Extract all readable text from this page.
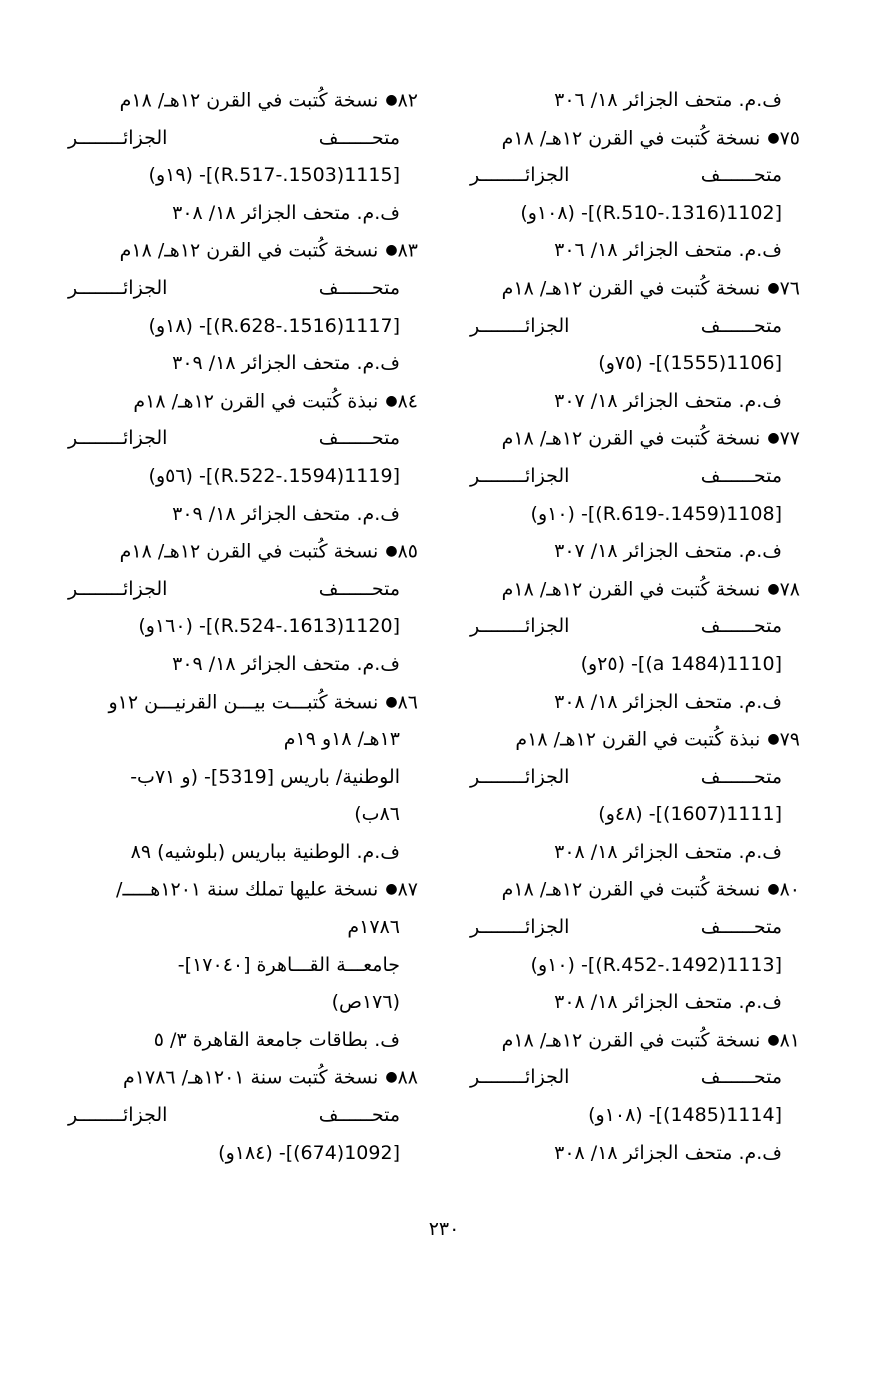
ف.م. متحف الجزائر ١٨/ ٣٠٦
٧٥● نسخة كُتبت في القرن ١٢هـ/ ١٨م
متحــــــف
الجزائــــــــر
[1102(1316.-R.510)]- (١٠٨و)
ف.م. متحف الجزائر ١٨/ ٣٠٦
٧٦● نسخة كُتبت في القرن ١٢هـ/ ١٨م
متحــــــف
الجزائــــــــر
[1106(1555)]- (٧٥و)
ف.م. متحف الجزائر ١٨/ ٣٠٧
٧٧● نسخة كُتبت في القرن ١٢هـ/ ١٨م
متحــــــف
الجزائــــــــر
[1108(1459.-R.619)]- (١٠و)
ف.م. متحف الجزائر ١٨/ ٣٠٧
٧٨● نسخة كُتبت في القرن ١٢هـ/ ١٨م
متحــــــف
الجزائــــــــر
[1110(1484 a)]- (٢٥و)
ف.م. متحف الجزائر ١٨/ ٣٠٨
٧٩● نبذة كُتبت في القرن ١٢هـ/ ١٨م
متحــــــف
الجزائــــــــر
[1111(1607)]- (٤٨و)
ف.م. متحف الجزائر ١٨/ ٣٠٨
٨٠● نسخة كُتبت في القرن ١٢هـ/ ١٨م
متحــــــف
الجزائــــــــر
[1113(1492.-R.452)]- (١٠و)
ف.م. متحف الجزائر ١٨/ ٣٠٨
٨١● نسخة كُتبت في القرن ١٢هـ/ ١٨م
متحــــــف
الجزائــــــــر
[1114(1485)]- (١٠٨و)
ف.م. متحف الجزائر ١٨/ ٣٠٨
٨٢● نسخة كُتبت في القرن ١٢هـ/ ١٨م
متحــــــف
الجزائــــــــر
[1115(1503.-R.517)]- (١٩و)
ف.م. متحف الجزائر ١٨/ ٣٠٨
٨٣● نسخة كُتبت في القرن ١٢هـ/ ١٨م
متحــــــف
الجزائــــــــر
[1117(1516.-R.628)]- (١٨و)
ف.م. متحف الجزائر ١٨/ ٣٠٩
٨٤● نبذة كُتبت في القرن ١٢هـ/ ١٨م
متحــــــف
الجزائــــــــر
[1119(1594.-R.522)]- (٥٦و)
ف.م. متحف الجزائر ١٨/ ٣٠٩
٨٥● نسخة كُتبت في القرن ١٢هـ/ ١٨م
متحــــــف
الجزائــــــــر
[1120(1613.-R.524)]- (١٦٠و)
ف.م. متحف الجزائر ١٨/ ٣٠٩
٨٦● نسخة كُتبـــت بيـــن القرنيـــن ١٢و
١٣هـ/ ١٨و ١٩م
الوطنية/ باريس [5319]- (و ٧١ب-
٨٦ب)
ف.م. الوطنية بباريس (بلوشيه) ٨٩
٨٧● نسخة عليها تملك سنة ١٢٠١هـــــ/
١٧٨٦م
جامعـــة القـــاهرة [١٧٠٤٠]-
(١٧٦ص)
ف. بطاقات جامعة القاهرة ٣/ ٥
٨٨● نسخة كُتبت سنة ١٢٠١هـ/ ١٧٨٦م
متحــــــف
الجزائــــــــر
[1092(674)]- (١٨٤و)
٢٣٠
